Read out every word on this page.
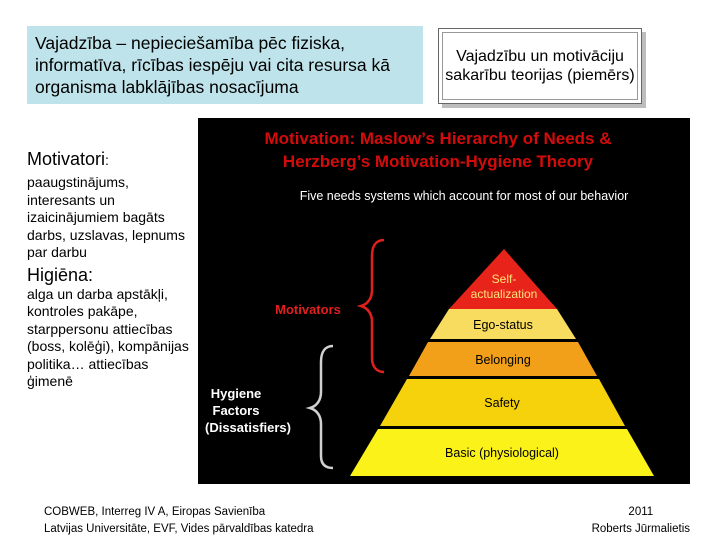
Vajadzība – nepieciešamība pēc fiziska, informatīva, rīcības iespēju vai cita resursa kā organisma labklājības nosacījuma
Vajadzību un motivāciju sakarību teorijas (piemērs)
Motivatori:
paaugstinājums, interesants un izaicinājumiem bagāts darbs, uzslavas, lepnums par darbu
Higiēna:
alga un darba apstākļi, kontroles pakāpe, starppersonu attiecības (boss, kolēģi), kompānijas politika… attiecības ģimenē
Motivation: Maslow’s Hierarchy of Needs &
Herzberg’s Motivation-Hygiene Theory
Five needs systems which account for most of our behavior
Self-
actualization
Ego-status
Belonging
Safety
Basic (physiological)
Motivators
Hygiene
Factors
(Dissatisfiers)
COBWEB, Interreg IV A, Eiropas Savienība
Latvijas Universitāte, EVF, Vides pārvaldības katedra
2011
Roberts Jūrmalietis
